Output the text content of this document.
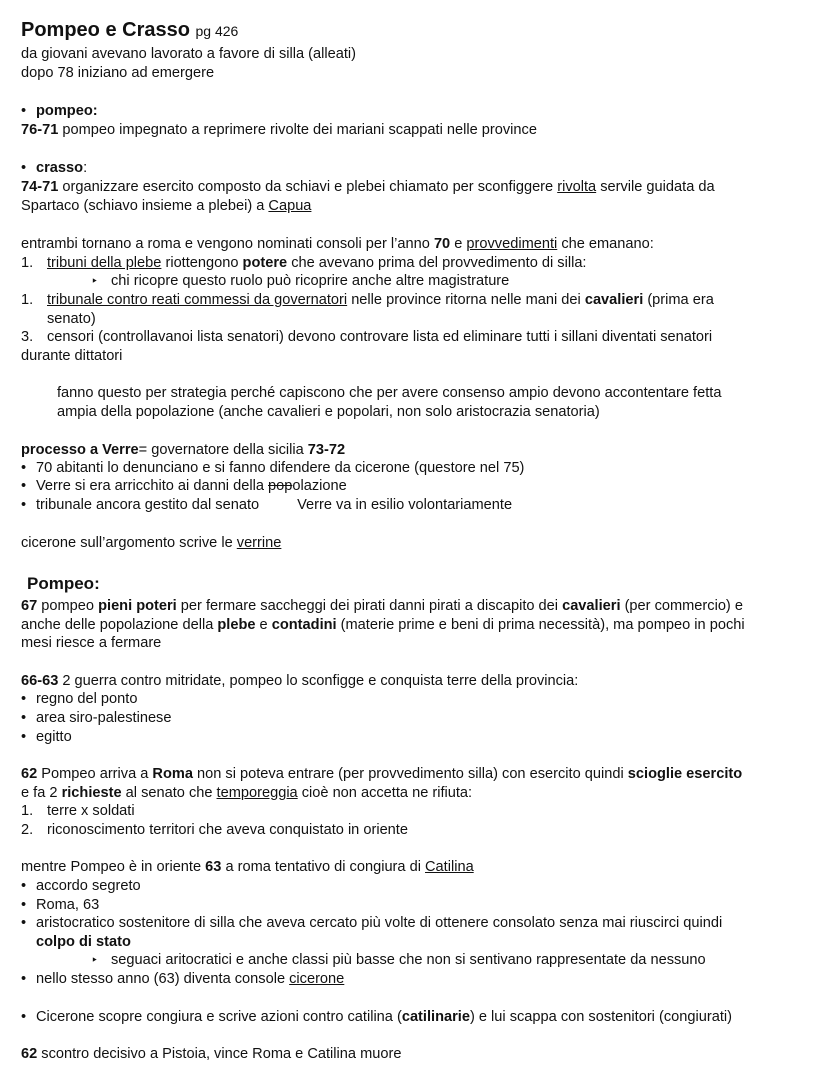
Pompeo e Crasso pg 426
da giovani avevano lavorato a favore di silla (alleati)
dopo 78 iniziano ad emergere
• pompeo:
76-71 pompeo impegnato a reprimere rivolte dei mariani scappati nelle province
• crasso:
74-71 organizzare esercito composto da schiavi e plebei chiamato per sconfiggere rivolta servile guidata da
Spartaco (schiavo insieme a plebei) a Capua
entrambi tornano a roma e vengono nominati consoli per l’anno 70 e provvedimenti che emanano:
1. tribuni della plebe riottengono potere che avevano prima del provvedimento di silla:
‣ chi ricopre questo ruolo può ricoprire anche altre magistrature
1. tribunale contro reati commessi da governatori nelle province ritorna nelle mani dei cavalieri (prima era
senato)
3. censori (controllavanoi lista senatori) devono controvare lista ed eliminare tutti i sillani diventati senatori
durante dittatori
fanno questo per strategia perché capiscono che per avere consenso ampio devono accontentare fetta
ampia della popolazione (anche cavalieri e popolari, non solo aristocrazia senatoria)
processo a Verre= governatore della sicilia 73-72
• 70 abitanti lo denunciano e si fanno difendere da cicerone (questore nel 75)
• Verre si era arricchito ai danni della popolazione
• tribunale ancora gestito dal senato	Verre va in esilio volontariamente
cicerone sull’argomento scrive le verrine
Pompeo:
67 pompeo pieni poteri per fermare saccheggi dei pirati danni pirati a discapito dei cavalieri (per commercio) e
anche delle popolazione della plebe e contadini (materie prime e beni di prima necessità), ma pompeo in pochi
mesi riesce a fermare
66-63 2 guerra contro mitridate, pompeo lo sconfigge e conquista terre della provincia:
• regno del ponto
• area siro-palestinese
• egitto
62 Pompeo arriva a Roma non si poteva entrare (per provvedimento silla) con esercito quindi scioglie esercito
e fa 2 richieste al senato che temporeggia cioè non accetta ne rifiuta:
1. terre x soldati
2. riconoscimento territori che aveva conquistato in oriente
mentre Pompeo è in oriente 63 a roma tentativo di congiura di Catilina
• accordo segreto
• Roma, 63
• aristocratico sostenitore di silla che aveva cercato più volte di ottenere consolato senza mai riuscirci quindi
colpo di stato
‣ seguaci aritocratici e anche classi più basse che non si sentivano rappresentate da nessuno
• nello stesso anno (63) diventa console cicerone
• Cicerone scopre congiura e scrive azioni contro catilina (catilinarie) e lui scappa con sostenitori (congiurati)
62 scontro decisivo a Pistoia, vince Roma e Catilina muore
